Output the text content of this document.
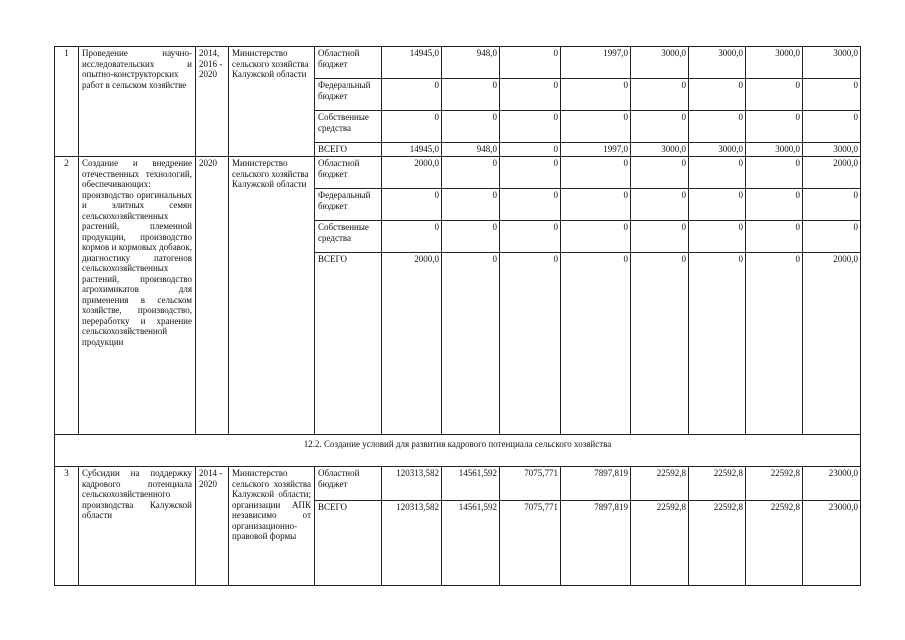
1	Проведение научно-исследовательских и опытно-конструкторских работ в сельском хозяйстве	2014, 2016 - 2020	Министерство сельского хозяйства Калужской области	Областной бюджет	14945,0	948,0	0	1997,0	3000,0	3000,0	3000,0	3000,0
				Федеральный бюджет	0	0	0	0	0	0	0	0
				Собственные средства	0	0	0	0	0	0	0	0
				ВСЕГО	14945,0	948,0	0	1997,0	3000,0	3000,0	3000,0	3000,0
2	Создание и внедрение отечественных технологий, обеспечивающих: производство оригинальных и элитных семян сельскохозяйственных растений, племенной продукции, производство кормов и кормовых добавок, диагностику патогенов сельскохозяйственных растений, производство агрохимикатов для применения в сельском хозяйстве, производство, переработку и хранение сельскохозяйственной продукции	2020	Министерство сельского хозяйства Калужской области	Областной бюджет	2000,0	0	0	0	0	0	0	2000,0
				Федеральный бюджет	0	0	0	0	0	0	0	0
				Собственные средства	0	0	0	0	0	0	0	0
				ВСЕГО	2000,0	0	0	0	0	0	0	2000,0
12.2. Создание условий для развития кадрового потенциала сельского хозяйства												
3	Субсидии на поддержку кадрового потенциала сельскохозяйственного производства Калужской области	2014 - 2020	Министерство сельского хозяйства Калужской области; организации АПК независимо от организационно-правовой формы	Областной бюджет	120313,582	14561,592	7075,771	7897,819	22592,8	22592,8	22592,8	23000,0
				ВСЕГО	120313,582	14561,592	7075,771	7897,819	22592,8	22592,8	22592,8	23000,0
